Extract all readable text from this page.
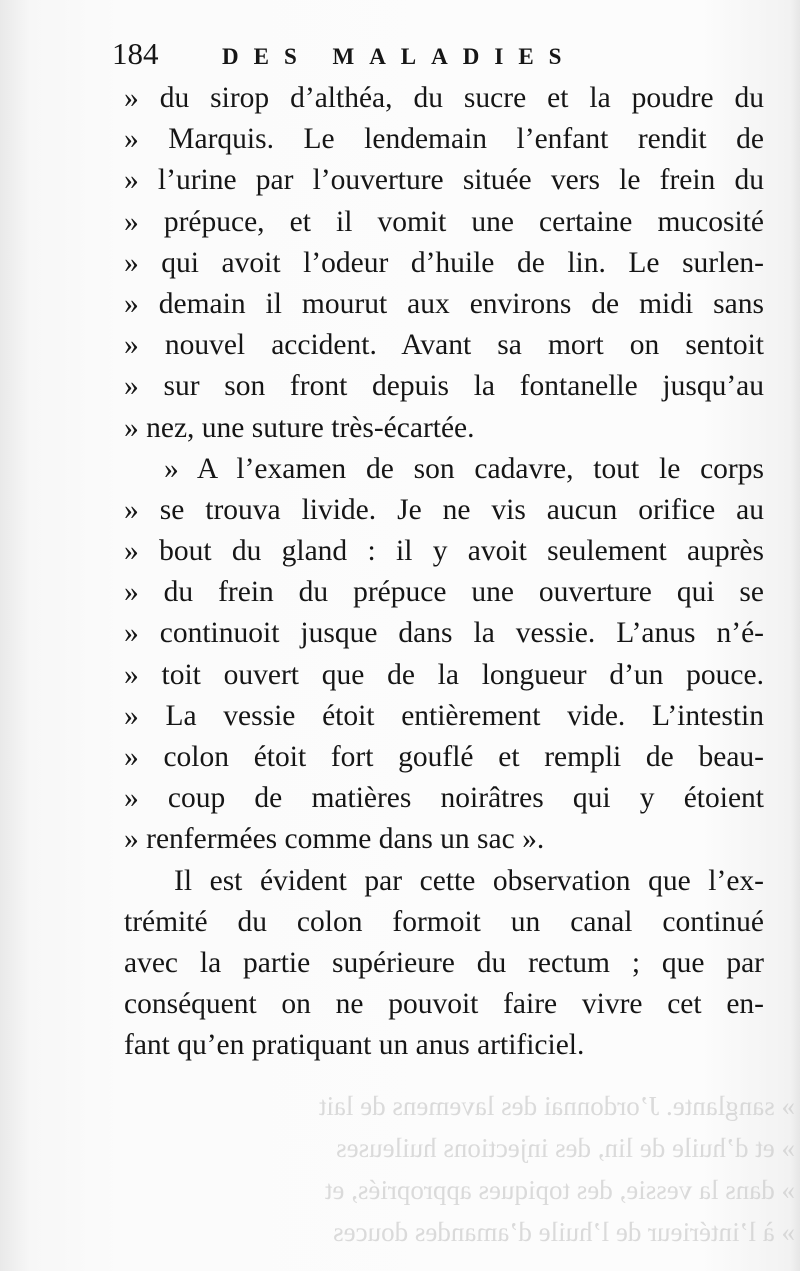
» sanglante. J’ordonnai des lavemens de lait
» et d’huile de lin, des injections huileuses
» dans la vessie, des topiques appropriés, et
» à l’intérieur de l’huile d’amandes douces
184	DES MALADIES
» du sirop d’althéa, du sucre et la poudre du
» Marquis. Le lendemain l’enfant rendit de
» l’urine par l’ouverture située vers le frein du
» prépuce, et il vomit une certaine mucosité
» qui avoit l’odeur d’huile de lin. Le surlen-
» demain il mourut aux environs de midi sans
» nouvel accident. Avant sa mort on sentoit
» sur son front depuis la fontanelle jusqu’au
» nez, une suture très-écartée.
» A l’examen de son cadavre, tout le corps
» se trouva livide. Je ne vis aucun orifice au
» bout du gland : il y avoit seulement auprès
» du frein du prépuce une ouverture qui se
» continuoit jusque dans la vessie. L’anus n’é-
» toit ouvert que de la longueur d’un pouce.
» La vessie étoit entièrement vide. L’intestin
» colon étoit fort gouflé et rempli de beau-
» coup de matières noirâtres qui y étoient
» renfermées comme dans un sac ».
Il est évident par cette observation que l’ex-
trémité du colon formoit un canal continué
avec la partie supérieure du rectum ; que par
conséquent on ne pouvoit faire vivre cet en-
fant qu’en pratiquant un anus artificiel.
